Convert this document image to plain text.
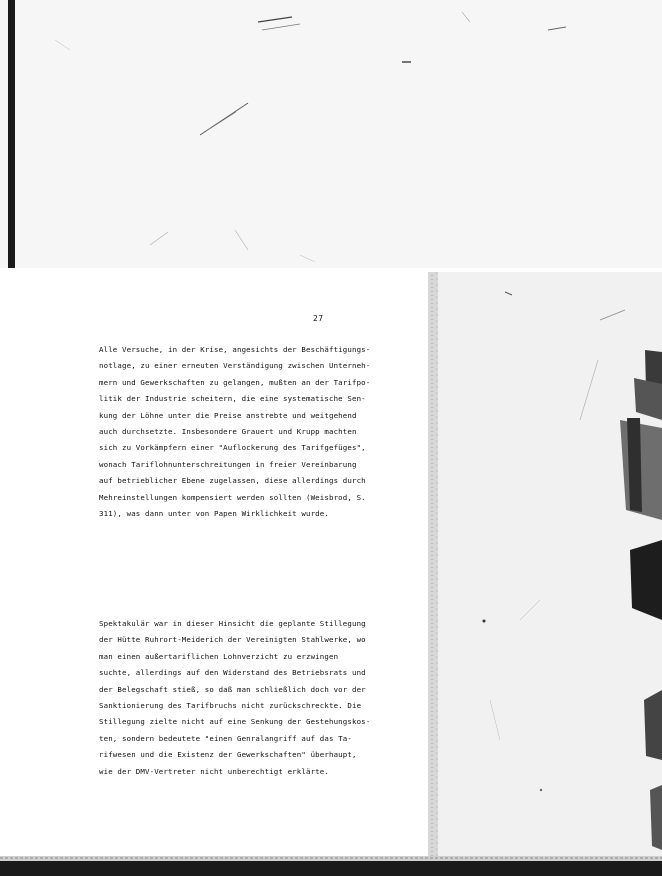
27
Alle Versuche, in der Krise, angesichts der Beschäftigungs-
notlage, zu einer erneuten Verständigung zwischen Unterneh-
mern und Gewerkschaften zu gelangen, mußten an der Tarifpo-
litik der Industrie scheitern, die eine systematische Sen-
kung der Löhne unter die Preise anstrebte und weitgehend
auch durchsetzte. Insbesondere Grauert und Krupp machten
sich zu Vorkämpfern einer "Auflockerung des Tarifgefüges",
wonach Tariflohnunterschreitungen in freier Vereinbarung
auf betrieblicher Ebene zugelassen, diese allerdings durch
Mehreinstellungen kompensiert werden sollten (Weisbrod, S.
311), was dann unter von Papen Wirklichkeit wurde.
Spektakulär war in dieser Hinsicht die geplante Stillegung
der Hütte Ruhrort-Meiderich der Vereinigten Stahlwerke, wo
man einen außertariflichen Lohnverzicht zu erzwingen
suchte, allerdings auf den Widerstand des Betriebsrats und
der Belegschaft stieß, so daß man schließlich doch vor der
Sanktionierung des Tarifbruchs nicht zurückschreckte. Die
Stillegung zielte nicht auf eine Senkung der Gestehungskos-
ten, sondern bedeutete "einen Genralangriff auf das Ta-
rifwesen und die Existenz der Gewerkschaften" überhaupt,
wie der DMV-Vertreter nicht unberechtigt erklärte.
